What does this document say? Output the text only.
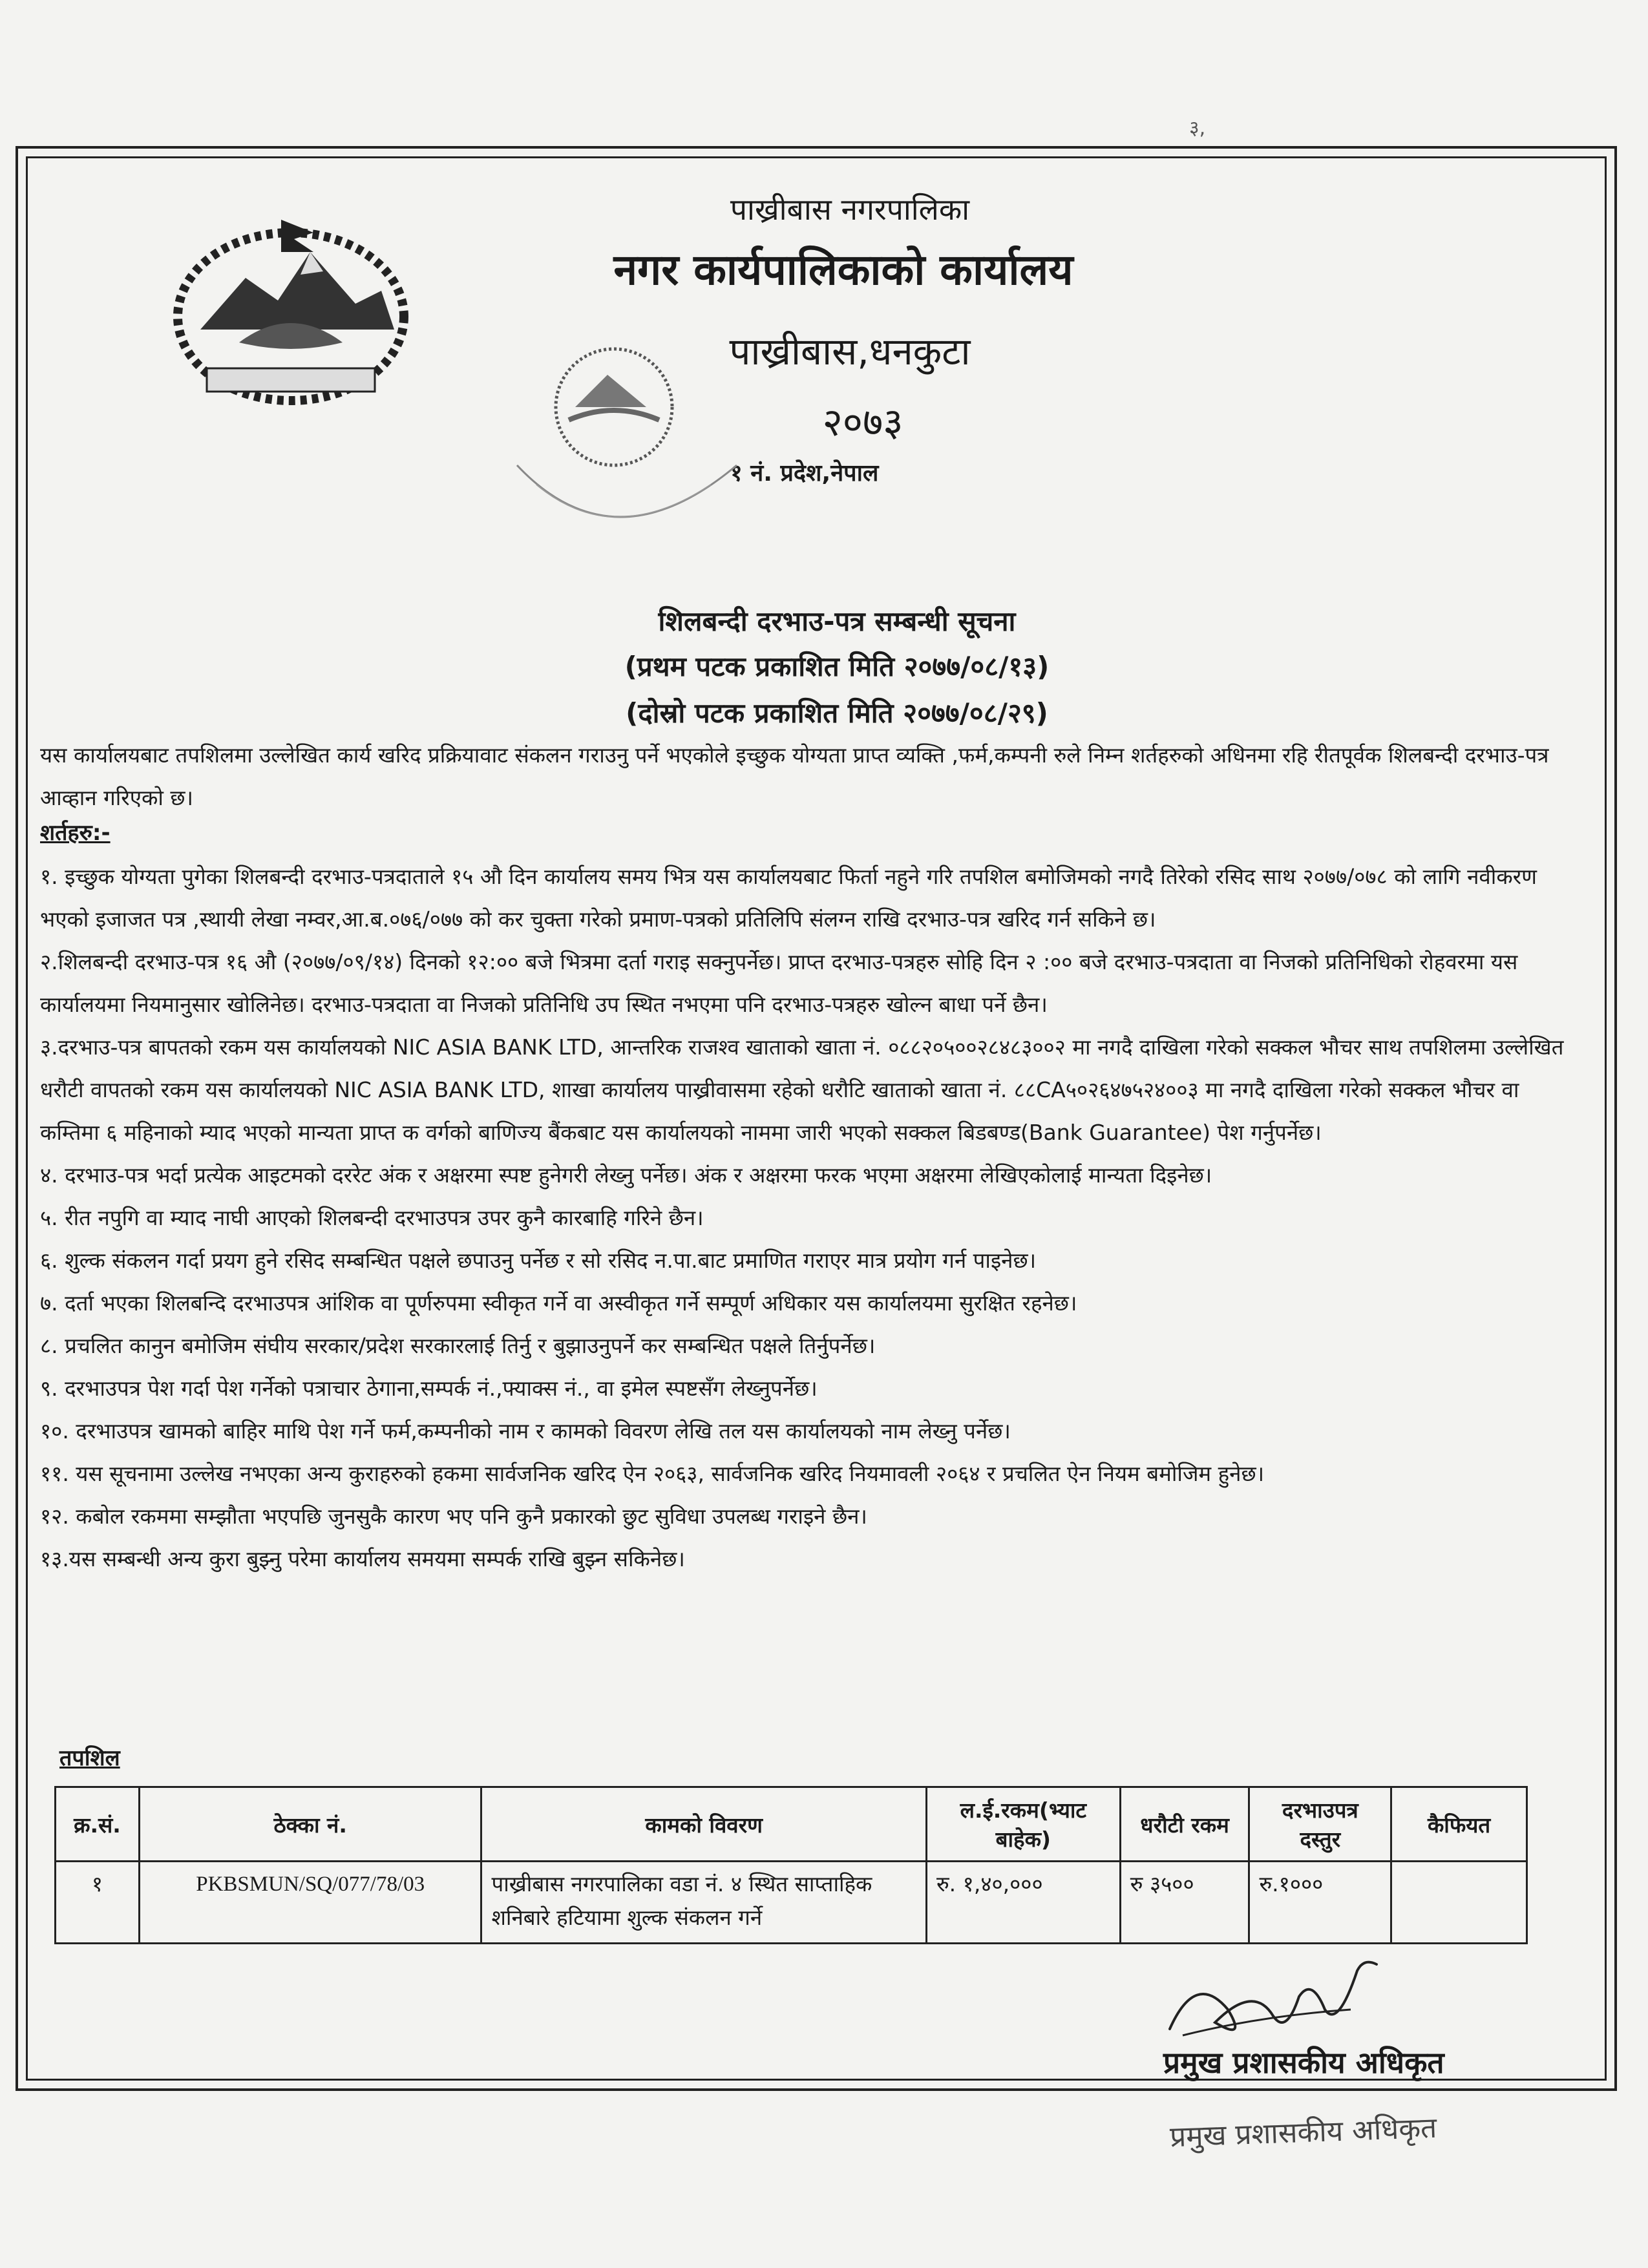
३,
पाख्रीबास नगरपालिका
नगर कार्यपालिकाको कार्यालय
पाख्रीबास,धनकुटा
२०७३
१ नं. प्रदेश,नेपाल
शिलबन्दी दरभाउ-पत्र सम्बन्धी सूचना
(प्रथम पटक प्रकाशित मिति २०७७/०८/१३)
(दोस्रो पटक प्रकाशित मिति २०७७/०८/२९)
यस कार्यालयबाट तपशिलमा उल्लेखित कार्य खरिद प्रक्रियावाट संकलन गराउनु पर्ने भएकोले इच्छुक योग्यता प्राप्त व्यक्ति ,फर्म,कम्पनी रुले निम्न शर्तहरुको अधिनमा रहि रीतपूर्वक शिलबन्दी दरभाउ-पत्र आव्हान गरिएको छ।
शर्तहरु:-

१. इच्छुक योग्यता पुगेका शिलबन्दी दरभाउ-पत्रदाताले १५ औ दिन कार्यालय समय भित्र यस कार्यालयबाट फिर्ता नहुने गरि तपशिल बमोजिमको नगदै तिरेको रसिद साथ २०७७/०७८ को लागि नवीकरण भएको इजाजत पत्र ,स्थायी लेखा नम्वर,आ.ब.०७६/०७७ को कर चुक्ता गरेको प्रमाण-पत्रको प्रतिलिपि संलग्न राखि दरभाउ-पत्र खरिद गर्न सकिने छ।

२.शिलबन्दी दरभाउ-पत्र १६ औ (२०७७/०९/१४) दिनको १२:०० बजे भित्रमा दर्ता गराइ सक्नुपर्नेछ। प्राप्त दरभाउ-पत्रहरु सोहि दिन २ :०० बजे दरभाउ-पत्रदाता वा निजको प्रतिनिधिको रोहवरमा यस कार्यालयमा नियमानुसार खोलिनेछ। दरभाउ-पत्रदाता वा निजको प्रतिनिधि उप स्थित नभएमा पनि दरभाउ-पत्रहरु खोल्न बाधा पर्ने छैन।

३.दरभाउ-पत्र बापतको रकम यस कार्यालयको NIC ASIA BANK LTD, आन्तरिक राजश्व खाताको खाता नं. ०८८२०५००२८४८३००२ मा नगदै दाखिला गरेको सक्कल भौचर साथ तपशिलमा उल्लेखित धरौटी वापतको रकम यस कार्यालयको NIC ASIA BANK LTD, शाखा कार्यालय पाख्रीवासमा रहेको धरौटि खाताको खाता नं. ८८CA५०२६४७५२४००३ मा नगदै दाखिला गरेको सक्कल भौचर वा कम्तिमा ६ महिनाको म्याद भएको मान्यता प्राप्त क वर्गको बाणिज्य बैंकबाट यस कार्यालयको नाममा जारी भएको सक्कल बिडबण्ड(Bank Guarantee) पेश गर्नुपर्नेछ।

४. दरभाउ-पत्र भर्दा प्रत्येक आइटमको दररेट अंक र अक्षरमा स्पष्ट हुनेगरी लेख्नु पर्नेछ। अंक र अक्षरमा फरक भएमा अक्षरमा लेखिएकोलाई मान्यता दिइनेछ।

५. रीत नपुगि वा म्याद नाघी आएको शिलबन्दी दरभाउपत्र उपर कुनै कारबाहि गरिने छैन।

६. शुल्क संकलन गर्दा प्रयग हुने रसिद सम्बन्धित पक्षले छपाउनु पर्नेछ र सो रसिद न.पा.बाट प्रमाणित गराएर मात्र प्रयोग गर्न पाइनेछ।

७. दर्ता भएका शिलबन्दि दरभाउपत्र आंशिक वा पूर्णरुपमा स्वीकृत गर्ने वा अस्वीकृत गर्ने सम्पूर्ण अधिकार यस कार्यालयमा सुरक्षित रहनेछ।

८. प्रचलित कानुन बमोजिम संघीय सरकार/प्रदेश सरकारलाई तिर्नु र बुझाउनुपर्ने कर सम्बन्धित पक्षले तिर्नुपर्नेछ।

९. दरभाउपत्र पेश गर्दा पेश गर्नेको पत्राचार ठेगाना,सम्पर्क नं.,फ्याक्स नं., वा इमेल स्पष्टसँग लेख्नुपर्नेछ।

१०. दरभाउपत्र खामको बाहिर माथि पेश गर्ने फर्म,कम्पनीको नाम र कामको विवरण लेखि तल यस कार्यालयको नाम लेख्नु पर्नेछ।

११. यस सूचनामा उल्लेख नभएका अन्य कुराहरुको हकमा सार्वजनिक खरिद ऐन २०६३, सार्वजनिक खरिद नियमावली २०६४ र प्रचलित ऐन नियम बमोजिम हुनेछ।

१२. कबोल रकममा सम्झौता भएपछि जुनसुकै कारण भए पनि कुनै प्रकारको छुट सुविधा उपलब्ध गराइने छैन।

१३.यस सम्बन्धी अन्य कुरा बुझ्नु परेमा कार्यालय समयमा सम्पर्क राखि बुझ्न सकिनेछ।

तपशिल
क्र.सं.	ठेक्का नं.	कामको विवरण	ल.ई.रकम(भ्याट बाहेक)	धरौटी रकम	दरभाउपत्र दस्तुर	कैफियत
१	PKBSMUN/SQ/077/78/03	पाख्रीबास नगरपालिका वडा नं. ४ स्थित साप्ताहिक शनिबारे हटियामा शुल्क संकलन गर्ने	रु. १,४०,०००	रु ३५००	रु.१०००	
प्रमुख प्रशासकीय अधिकृत
प्रमुख प्रशासकीय अधिकृत
